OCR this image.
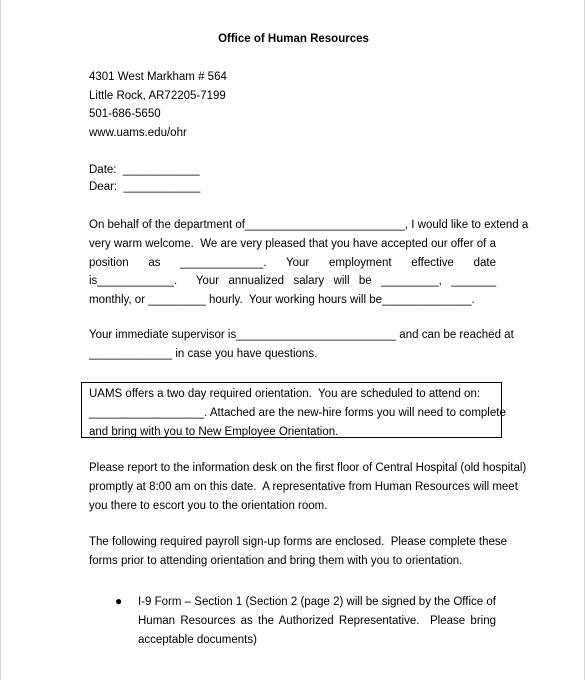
Office of Human Resources
4301 West Markham # 564
Little Rock, AR72205-7199
501-686-5650
www.uams.edu/ohr
Date:  ____________
Dear:  ____________
On behalf of the department of_________________________, I would like to extend a
very warm welcome.  We are very pleased that you have accepted our offer of a
position    as    _____________.    Your    employment    effective    date
is____________.  Your annualized salary will be _________, _______
monthly, or _________ hourly.  Your working hours will be______________.
Your immediate supervisor is_________________________ and can be reached at
_____________ in case you have questions.
UAMS offers a two day required orientation.  You are scheduled to attend on:
__________________. Attached are the new-hire forms you will need to complete
and bring with you to New Employee Orientation.
Please report to the information desk on the first floor of Central Hospital (old hospital)
promptly at 8:00 am on this date.  A representative from Human Resources will meet
you there to escort you to the orientation room.
The following required payroll sign-up forms are enclosed.  Please complete these
forms prior to attending orientation and bring them with you to orientation.
● I-9 Form – Section 1 (Section 2 (page 2) will be signed by the Office of
Human Resources as the Authorized Representative.  Please bring
acceptable documents)
